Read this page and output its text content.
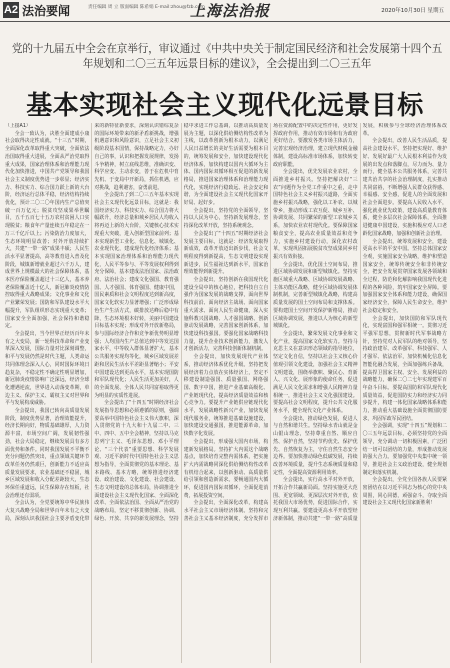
A2 法治要闻	责任编辑 周 立 版面编辑 陈希娟 E-mail:zhou@fzb.com
上海法治报	2020年10月30日 星期五
党的十九届五中全会在京举行，审议通过《中共中央关于制定国民经济和社会发展第十四个五年规划和二〇三五年远景目标的建议》，全会提出到二〇三五年
基本实现社会主义现代化远景目标

（上接A1）

全会一致认为，决胜全面建成小康社会取得决定性成就。“十三五”时期，全面深化改革取得重大突破，全面依法治国取得重大进展，全面从严治党取得重大成果，国家治理体系和治理能力现代化加快推进，中国共产党领导和我国社会主义制度优势进一步彰显；经济实力、科技实力、综合国力跃上新的大台阶，经济运行总体平稳，经济结构持续优化，预计二〇二〇年国内生产总值突破一百万亿元；脱贫攻坚成果举世瞩目，五千五百七十五万农村贫困人口实现脱贫；粮食年产量连续五年稳定在一万三千亿斤以上；污染防治力度加大，生态环境明显改善；对外开放持续扩大，共建“一带一路”成果丰硕；人民生活水平显著提高，高等教育进入普及化阶段，城镇新增就业超过六千万人，建成世界上规模最大的社会保障体系，基本医疗保险覆盖超过十三亿人，基本养老保险覆盖近十亿人，新冠肺炎疫情防控取得重大战略成果；文化事业和文化产业繁荣发展；国防和军队建设水平大幅提升，军队组织形态实现重大变革；国家安全全面加强，社会保持和谐稳定。

全会提出，当今世界正经历百年未有之大变局，新一轮科技革命和产业变革深入发展，国际力量对比深刻调整，和平与发展仍然是时代主题，人类命运共同体理念深入人心，同时国际环境日趋复杂，不稳定性不确定性明显增加，新冠肺炎疫情影响广泛深远，经济全球化遭遇逆流，世界进入动荡变革期，单边主义、保护主义、霸权主义对世界和平与发展构成威胁。

全会提出，我国已转向高质量发展阶段，制度优势显著，治理效能提升，经济长期向好，物质基础雄厚，人力资源丰富，市场空间广阔，发展韧性强劲，社会大局稳定，继续发展具有多方面优势和条件。同时我国发展不平衡不充分问题仍然突出，重点领域关键环节改革任务仍然艰巨，创新能力不适应高质量发展要求，农业基础还不稳固，城乡区域发展和收入分配差距较大，生态环保任重道远，民生保障存在短板，社会治理还有弱项。

全会认为，全党要统筹中华民族伟大复兴战略全局和世界百年未有之大变局，深刻认识我国社会主要矛盾变化带来的新特征新要求，深刻认识错综复杂的国际环境带来的新矛盾新挑战，增强机遇意识和风险意识，立足社会主义初级阶段基本国情，保持战略定力，办好自己的事，认识和把握发展规律，发扬斗争精神，树立底线思维，准确识变、科学应变、主动求变，善于在危机中育先机、于变局中开新局，抓住机遇，应对挑战，趋利避害，奋勇前进。

全会提出了到二〇三五年基本实现社会主义现代化远景目标，这就是：我国经济实力、科技实力、综合国力将大幅跃升，经济总量和城乡居民人均收入将再迈上新的大台阶，关键核心技术实现重大突破，进入创新型国家前列；基本实现新型工业化、信息化、城镇化、农业现代化，建成现代化经济体系；基本实现国家治理体系和治理能力现代化，人民平等参与、平等发展权利得到充分保障，基本建成法治国家、法治政府、法治社会；建成文化强国、教育强国、人才强国、体育强国、健康中国，国民素质和社会文明程度达到新高度，国家文化软实力显著增强；广泛形成绿色生产生活方式，碳排放达峰后稳中有降，生态环境根本好转，美丽中国建设目标基本实现；形成对外开放新格局，参与国际经济合作和竞争新优势明显增强；人均国内生产总值达到中等发达国家水平，中等收入群体显著扩大，基本公共服务实现均等化，城乡区域发展差距和居民生活水平差距显著缩小；平安中国建设达到更高水平，基本实现国防和军队现代化；人民生活更加美好，人的全面发展、全体人民共同富裕取得更为明显的实质性进展。

全会提出了“十四五”时期经济社会发展指导思想和必须遵循的原则，强调要高举中国特色社会主义伟大旗帜，深入贯彻党的十九大和十九届二中、三中、四中、五中全会精神，坚持以马克思列宁主义、毛泽东思想、邓小平理论、“三个代表”重要思想、科学发展观、习近平新时代中国特色社会主义思想为指导，全面贯彻党的基本理论、基本路线、基本方略，统筹推进经济建设、政治建设、文化建设、社会建设、生态文明建设的总体布局，协调推进全面建设社会主义现代化国家、全面深化改革、全面依法治国、全面从严治党的战略布局，坚定不移贯彻创新、协调、绿色、开放、共享的新发展理念，坚持稳中求进工作总基调，以推动高质量发展为主题，以深化供给侧结构性改革为主线，以改革创新为根本动力，以满足人民日益增长的美好生活需要为根本目的，统筹发展和安全，加快建设现代化经济体系，加快构建以国内大循环为主体、国内国际双循环相互促进的新发展格局，推进国家治理体系和治理能力现代化，实现经济行稳致远、社会安定和谐，为全面建设社会主义现代化国家开好局、起好步。

全会提出，坚持党的全面领导，坚持以人民为中心，坚持新发展理念，坚持深化改革开放，坚持系统观念。

全会提出了“十四五”时期经济社会发展主要目标，这就是：经济发展取得新成效，改革开放迈出新步伐，社会文明程度得到新提高，生态文明建设实现新进步，民生福祉达到新水平，国家治理效能得到新提升。

全会提出，坚持创新在我国现代化建设全局中的核心地位，把科技自立自强作为国家发展的战略支撑，面向世界科技前沿、面向经济主战场、面向国家重大需求、面向人民生命健康，深入实施科教兴国战略、人才强国战略、创新驱动发展战略，完善国家创新体系，加快建设科技强国。要强化国家战略科技力量，提升企业技术创新能力，激发人才创新活力，完善科技创新体制机制。

全会提出，加快发展现代产业体系，推动经济体系优化升级。坚持把发展经济着力点放在实体经济上，坚定不移建设制造强国、质量强国、网络强国、数字中国，推进产业基础高级化、产业链现代化，提高经济质量效益和核心竞争力。要提升产业链供应链现代化水平，发展战略性新兴产业，加快发展现代服务业，统筹推进基础设施建设，加快建设交通强国，推进能源革命，加快数字化发展。

全会提出，形成强大国内市场，构建新发展格局。坚持扩大内需这个战略基点，加快培育完整内需体系，把实施扩大内需战略同深化供给侧结构性改革有机结合起来，以创新驱动、高质量供给引领和创造新需求。要畅通国内大循环，促进国内国际双循环，全面促进消费，拓展投资空间。

全会提出，全面深化改革，构建高水平社会主义市场经济体制。坚持和完善社会主义基本经济制度，充分发挥市场在资源配置中的决定性作用，更好发挥政府作用，推动有效市场和有为政府更好结合。要激发各类市场主体活力，完善宏观经济治理，建立现代财税金融体制，建设高标准市场体系，加快转变政府职能。

全会提出，优先发展农业农村，全面推进乡村振兴。坚持把解决好“三农”问题作为全党工作重中之重，走中国特色社会主义乡村振兴道路，全面实施乡村振兴战略，强化以工补农、以城带乡，推动形成工农互促、城乡互补、协调发展、共同繁荣的新型工农城乡关系，加快农业农村现代化。要保障国家粮食安全，提高农业质量效益和竞争力，实施乡村建设行动，深化农村改革，实现巩固拓展脱贫攻坚成果同乡村振兴有效衔接。

全会提出，优化国土空间布局，推进区域协调发展和新型城镇化。坚持实施区域重大战略、区域协调发展战略、主体功能区战略，健全区域协调发展体制机制，完善新型城镇化战略，构建高质量发展的国土空间布局和支撑体系。要构建国土空间开发保护新格局，推动区域协调发展，推进以人为核心的新型城镇化。

全会提出，繁荣发展文化事业和文化产业，提高国家文化软实力。坚持马克思主义在意识形态领域的指导地位，坚定文化自信，坚持以社会主义核心价值观引领文化建设，加强社会主义精神文明建设，围绕举旗帜、聚民心、育新人、兴文化、展形象的使命任务，促进满足人民文化需求和增强人民精神力量相统一，推进社会主义文化强国建设。要提高社会文明程度，提升公共文化服务水平，健全现代文化产业体系。

全会提出，推动绿色发展，促进人与自然和谐共生。坚持绿水青山就是金山银山理念，坚持尊重自然、顺应自然、保护自然，坚持节约优先、保护优先、自然恢复为主，守住自然生态安全边界。要加快推动绿色低碳发展，持续改善环境质量，提升生态系统质量和稳定性，全面提高资源利用效率。

全会提出，实行高水平对外开放，开拓合作共赢新局面。坚持实施更大范围、更宽领域、更深层次对外开放，依托我国大市场优势，促进国际合作，实现互利共赢。要建设更高水平开放型经济新体制，推动共建“一带一路”高质量发展，积极参与全球经济治理体系改革。

全会提出，改善人民生活品质，提高社会建设水平。坚持把实现好、维护好、发展好最广大人民根本利益作为发展的出发点和落脚点，尽力而为、量力而行，健全基本公共服务体系，完善共建共治共享的社会治理制度，扎实推动共同富裕，不断增强人民群众获得感、幸福感、安全感，促进人的全面发展和社会全面进步。要提高人民收入水平，强化就业优先政策，建设高质量教育体系，健全多层次社会保障体系，全面推进健康中国建设，实施积极应对人口老龄化国家战略，加强和创新社会治理。

全会提出，统筹发展和安全，建设更高水平的平安中国。坚持总体国家安全观，实施国家安全战略，维护和塑造国家安全，统筹传统安全和非传统安全，把安全发展贯穿国家发展各领域和全过程，防范和化解影响我国现代化进程的各种风险，筑牢国家安全屏障。要加强国家安全体系和能力建设，确保国家经济安全，保障人民生命安全，维护社会稳定和安全。

全会提出，加快国防和军队现代化，实现富国和强军相统一。贯彻习近平强军思想，贯彻新时代军事战略方针，坚持党对人民军队的绝对领导，坚持政治建军、改革强军、科技强军、人才强军、依法治军，加快机械化信息化智能化融合发展，全面加强练兵备战，提高捍卫国家主权、安全、发展利益的战略能力，确保二〇二七年实现建军百年奋斗目标。要提高国防和军队现代化质量效益，促进国防实力和经济实力同步提升，构建一体化国家战略体系和能力，推动重大基础设施全面贯彻国防要求，巩固军政军民团结。

全会强调，实现“十四五”规划和二〇三五年远景目标，必须坚持党的全面领导，充分调动一切积极因素，广泛团结一切可以团结的力量，形成推动发展的强大合力。要加强党中央集中统一领导，推进社会主义政治建设，健全规划制定和落实机制。

全会提出，全党全国各族人民要紧密团结在以习近平同志为核心的党中央周围，同心同德，顽强奋斗，夺取全面建设社会主义现代化国家新胜利！
